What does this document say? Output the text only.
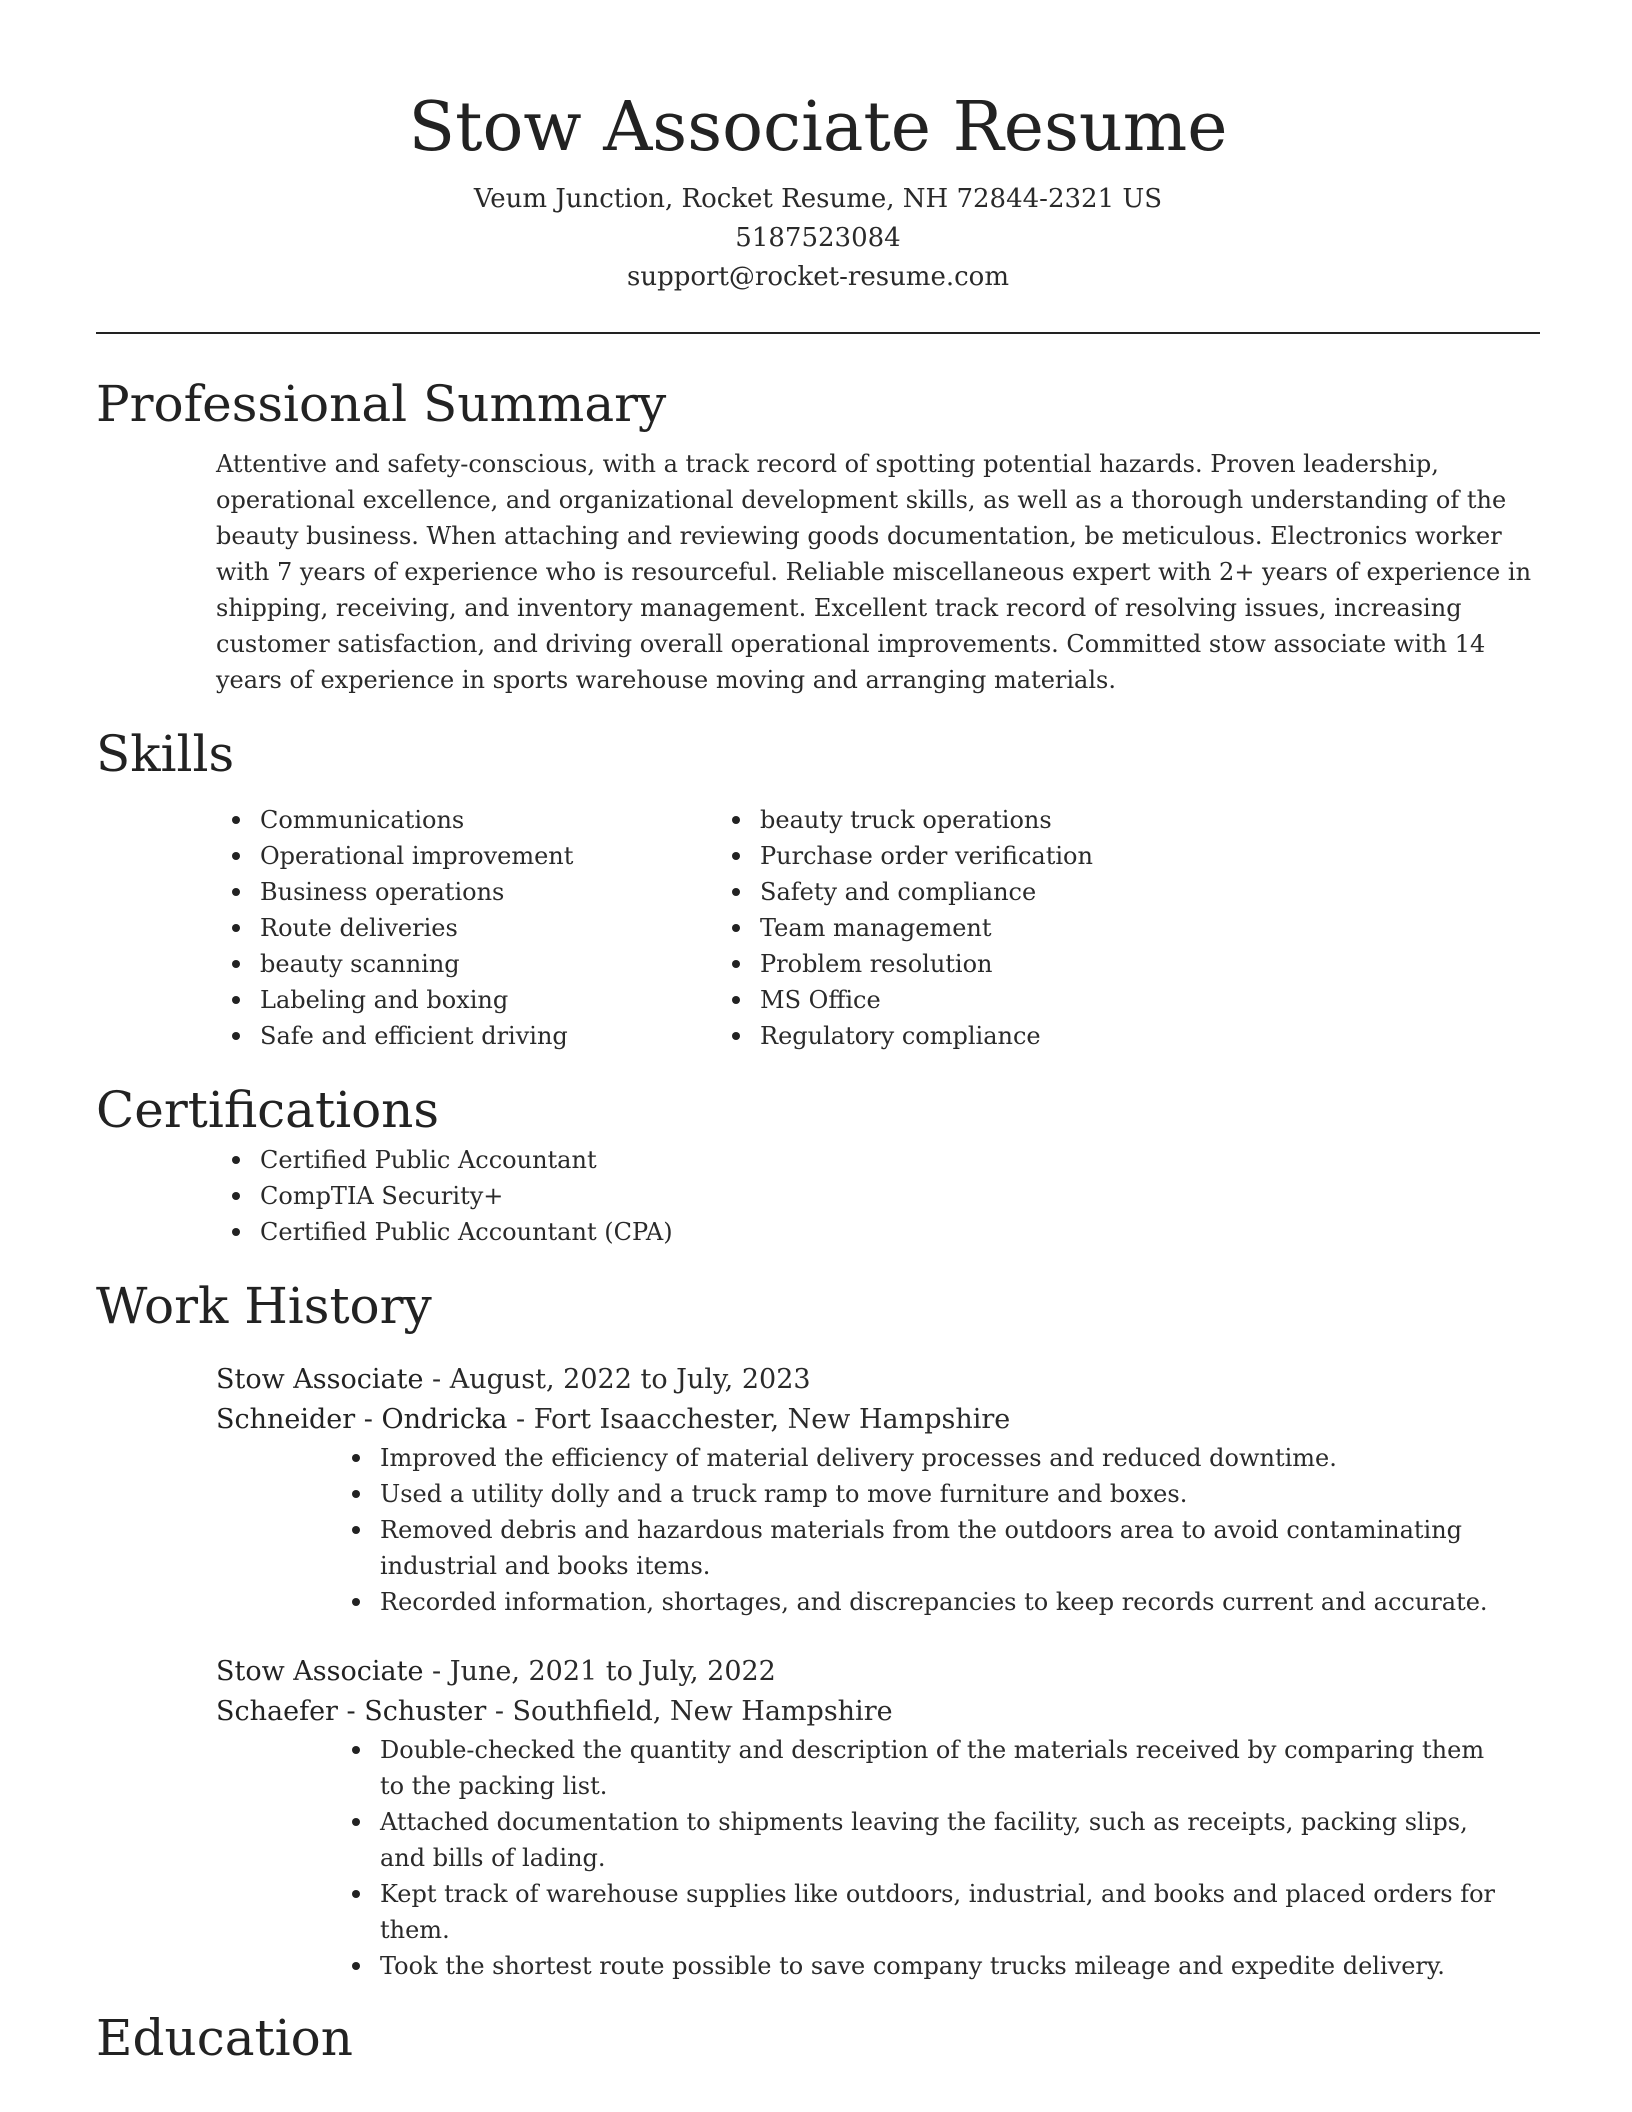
Stow Associate Resume
Veum Junction, Rocket Resume, NH 72844-2321 US
5187523084
support@rocket-resume.com
Professional Summary

Attentive and safety-conscious, with a track record of spotting potential hazards. Proven leadership, operational excellence, and organizational development skills, as well as a thorough understanding of the beauty business. When attaching and reviewing goods documentation, be meticulous. Electronics worker with 7 years of experience who is resourceful. Reliable miscellaneous expert with 2+ years of experience in shipping, receiving, and inventory management. Excellent track record of resolving issues, increasing customer satisfaction, and driving overall operational improvements. Committed stow associate with 14 years of experience in sports warehouse moving and arranging materials.

Skills
Communications
Operational improvement
Business operations
Route deliveries
beauty scanning
Labeling and boxing
Safe and efficient driving
beauty truck operations
Purchase order verification
Safety and compliance
Team management
Problem resolution
MS Office
Regulatory compliance
Certifications
Certified Public Accountant
CompTIA Security+
Certified Public Accountant (CPA)
Work History
Stow Associate - August, 2022 to July, 2023
Schneider - Ondricka - Fort Isaacchester, New Hampshire
Improved the efficiency of material delivery processes and reduced downtime.
Used a utility dolly and a truck ramp to move furniture and boxes.
Removed debris and hazardous materials from the outdoors area to avoid contaminating industrial and books items.
Recorded information, shortages, and discrepancies to keep records current and accurate.
Stow Associate - June, 2021 to July, 2022
Schaefer - Schuster - Southfield, New Hampshire
Double-checked the quantity and description of the materials received by comparing them to the packing list.
Attached documentation to shipments leaving the facility, such as receipts, packing slips, and bills of lading.
Kept track of warehouse supplies like outdoors, industrial, and books and placed orders for them.
Took the shortest route possible to save company trucks mileage and expedite delivery.
Education
